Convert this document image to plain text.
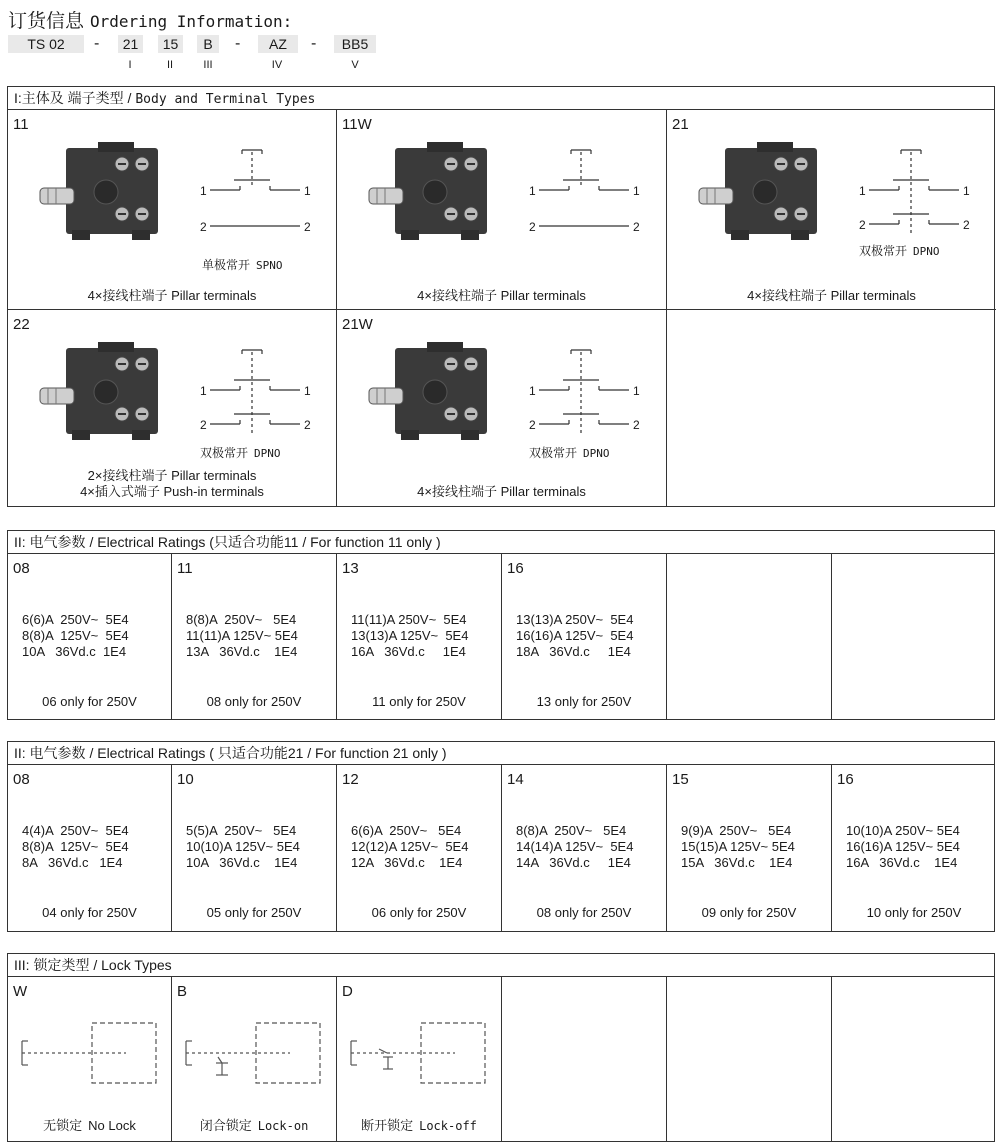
订货信息 Ordering Information:
TS 02	-	21	15	B	-	AZ	-	BB5
I	II	III	IV	V
I:主体及 端子类型 / Body and Terminal Types
11
1	1
2	2
单极常开 SPNO
4×接线柱端子 Pillar terminals
11W
1	1
2	2
4×接线柱端子 Pillar terminals
21
1	1
2	2
双极常开 DPNO
4×接线柱端子 Pillar terminals
22
1	1
2	2
双极常开 DPNO
2×接线柱端子 Pillar terminals
4×插入式端子 Push-in terminals
21W
1	1
2	2
双极常开 DPNO
4×接线柱端子 Pillar terminals
II: 电气参数 / Electrical Ratings (只适合功能11 / For function 11 only )
08
6(6)A  250V~  5E4
8(8)A  125V~  5E4
10A   36Vd.c  1E4
06 only for 250V
11
8(8)A  250V~   5E4
11(11)A 125V~ 5E4
13A   36Vd.c    1E4
08 only for 250V
13
11(11)A 250V~  5E4
13(13)A 125V~  5E4
16A   36Vd.c     1E4
11 only for 250V
16
13(13)A 250V~  5E4
16(16)A 125V~  5E4
18A   36Vd.c     1E4
13 only for 250V
II: 电气参数 / Electrical Ratings ( 只适合功能21 / For function 21 only )
08
4(4)A  250V~  5E4
8(8)A  125V~  5E4
8A   36Vd.c   1E4
04 only for 250V
10
5(5)A  250V~   5E4
10(10)A 125V~ 5E4
10A   36Vd.c    1E4
05 only for 250V
12
6(6)A  250V~   5E4
12(12)A 125V~  5E4
12A   36Vd.c    1E4
06 only for 250V
14
8(8)A  250V~   5E4
14(14)A 125V~  5E4
14A   36Vd.c     1E4
08 only for 250V
15
9(9)A  250V~   5E4
15(15)A 125V~ 5E4
15A   36Vd.c    1E4
09 only for 250V
16
10(10)A 250V~ 5E4
16(16)A 125V~ 5E4
16A   36Vd.c    1E4
10 only for 250V
III: 锁定类型 / Lock Types
W
无锁定 No Lock
B
闭合锁定 Lock-on
D
断开锁定 Lock-off
